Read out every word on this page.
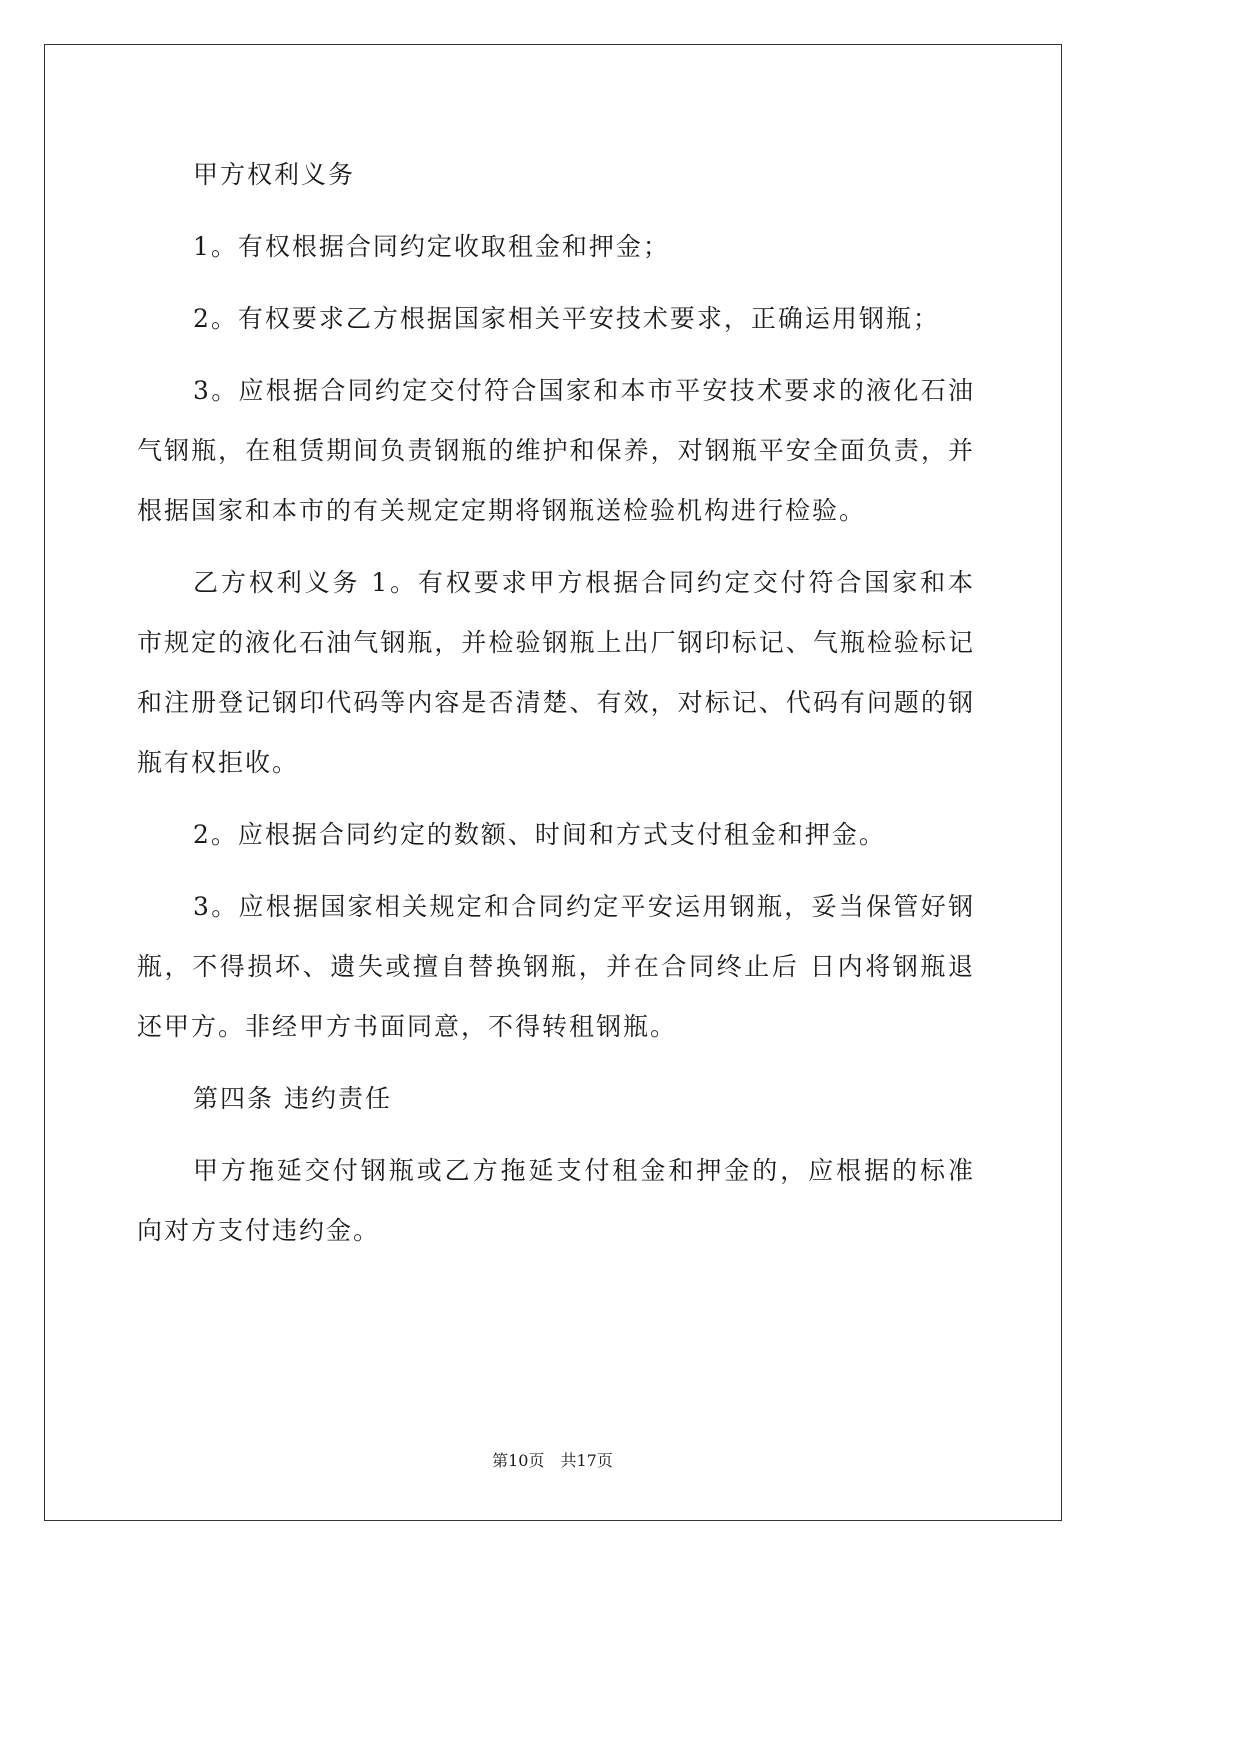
甲方权利义务

1。有权根据合同约定收取租金和押金；

2。有权要求乙方根据国家相关平安技术要求，正确运用钢瓶；

3。应根据合同约定交付符合国家和本市平安技术要求的液化石油气钢瓶，在租赁期间负责钢瓶的维护和保养，对钢瓶平安全面负责，并根据国家和本市的有关规定定期将钢瓶送检验机构进行检验。

乙方权利义务 1。有权要求甲方根据合同约定交付符合国家和本市规定的液化石油气钢瓶，并检验钢瓶上出厂钢印标记、气瓶检验标记和注册登记钢印代码等内容是否清楚、有效，对标记、代码有问题的钢瓶有权拒收。

2。应根据合同约定的数额、时间和方式支付租金和押金。

3。应根据国家相关规定和合同约定平安运用钢瓶，妥当保管好钢瓶，不得损坏、遗失或擅自替换钢瓶，并在合同终止后 日内将钢瓶退还甲方。非经甲方书面同意，不得转租钢瓶。

第四条 违约责任

甲方拖延交付钢瓶或乙方拖延支付租金和押金的，应根据的标准向对方支付违约金。

第10页　共17页
